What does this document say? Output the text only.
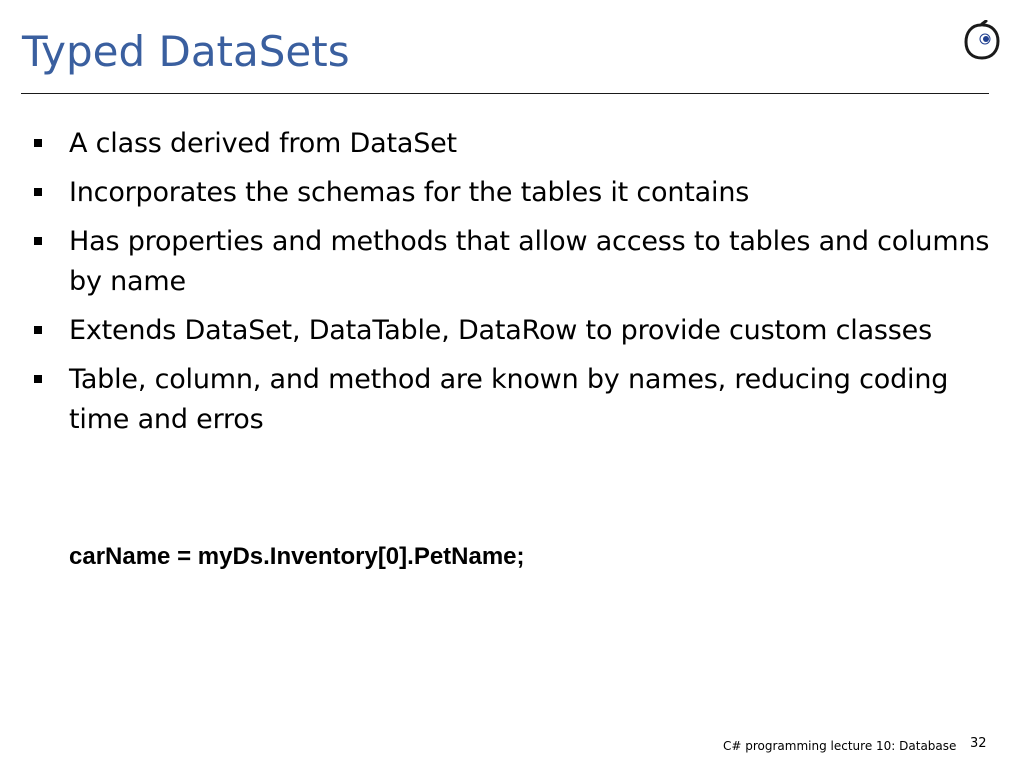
Typed DataSets
A class derived from DataSet
Incorporates the schemas for the tables it contains
Has properties and methods that allow access to tables and columns by name
Extends DataSet, DataTable, DataRow to provide custom classes
Table, column, and method are known by names, reducing coding time and erros
carName = myDs.Inventory[0].PetName;
C# programming lecture 10: Database 32
